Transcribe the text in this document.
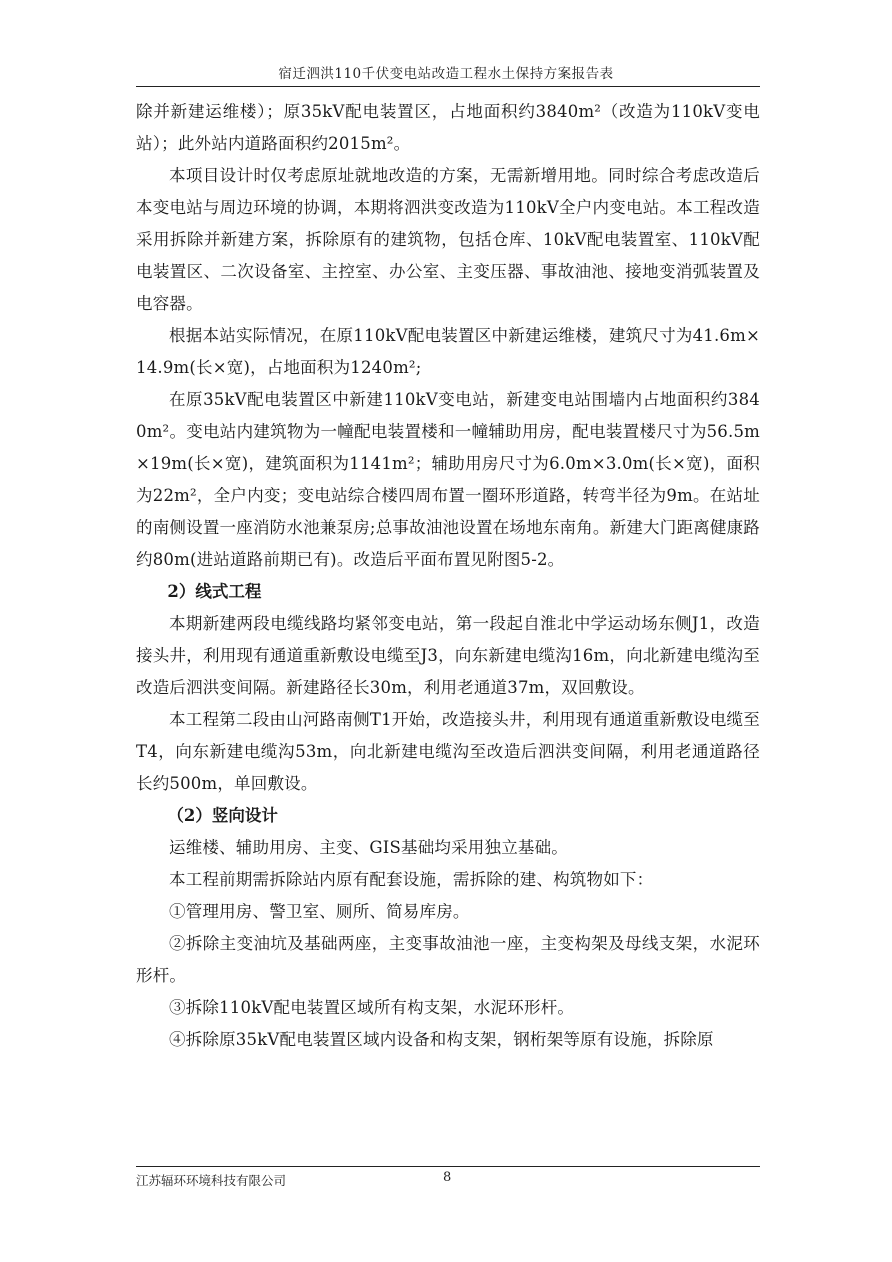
宿迁泗洪110千伏变电站改造工程水土保持方案报告表

除并新建运维楼）；原35kV配电装置区，占地面积约3840m²（改造为110kV变电站）；此外站内道路面积约2015m²。

本项目设计时仅考虑原址就地改造的方案，无需新增用地。同时综合考虑改造后本变电站与周边环境的协调，本期将泗洪变改造为110kV全户内变电站。本工程改造采用拆除并新建方案，拆除原有的建筑物，包括仓库、10kV配电装置室、110kV配电装置区、二次设备室、主控室、办公室、主变压器、事故油池、接地变消弧装置及电容器。

根据本站实际情况，在原110kV配电装置区中新建运维楼，建筑尺寸为41.6m×14.9m(长×宽)，占地面积为1240m²;

在原35kV配电装置区中新建110kV变电站，新建变电站围墙内占地面积约3840m²。变电站内建筑物为一幢配电装置楼和一幢辅助用房，配电装置楼尺寸为56.5m×19m(长×宽)，建筑面积为1141m²；辅助用房尺寸为6.0m×3.0m(长×宽)，面积为22m²，全户内变；变电站综合楼四周布置一圈环形道路，转弯半径为9m。在站址的南侧设置一座消防水池兼泵房;总事故油池设置在场地东南角。新建大门距离健康路约80m(进站道路前期已有)。改造后平面布置见附图5-2。

2）线式工程

本期新建两段电缆线路均紧邻变电站，第一段起自淮北中学运动场东侧J1，改造接头井，利用现有通道重新敷设电缆至J3，向东新建电缆沟16m，向北新建电缆沟至改造后泗洪变间隔。新建路径长30m，利用老通道37m，双回敷设。

本工程第二段由山河路南侧T1开始，改造接头井，利用现有通道重新敷设电缆至T4，向东新建电缆沟53m，向北新建电缆沟至改造后泗洪变间隔，利用老通道路径长约500m，单回敷设。

（2）竖向设计

运维楼、辅助用房、主变、GIS基础均采用独立基础。

本工程前期需拆除站内原有配套设施，需拆除的建、构筑物如下：

①管理用房、警卫室、厕所、简易库房。

②拆除主变油坑及基础两座，主变事故油池一座，主变构架及母线支架，水泥环形杆。

③拆除110kV配电装置区域所有构支架，水泥环形杆。

④拆除原35kV配电装置区域内设备和构支架，钢桁架等原有设施，拆除原

江苏辐环环境科技有限公司	8
